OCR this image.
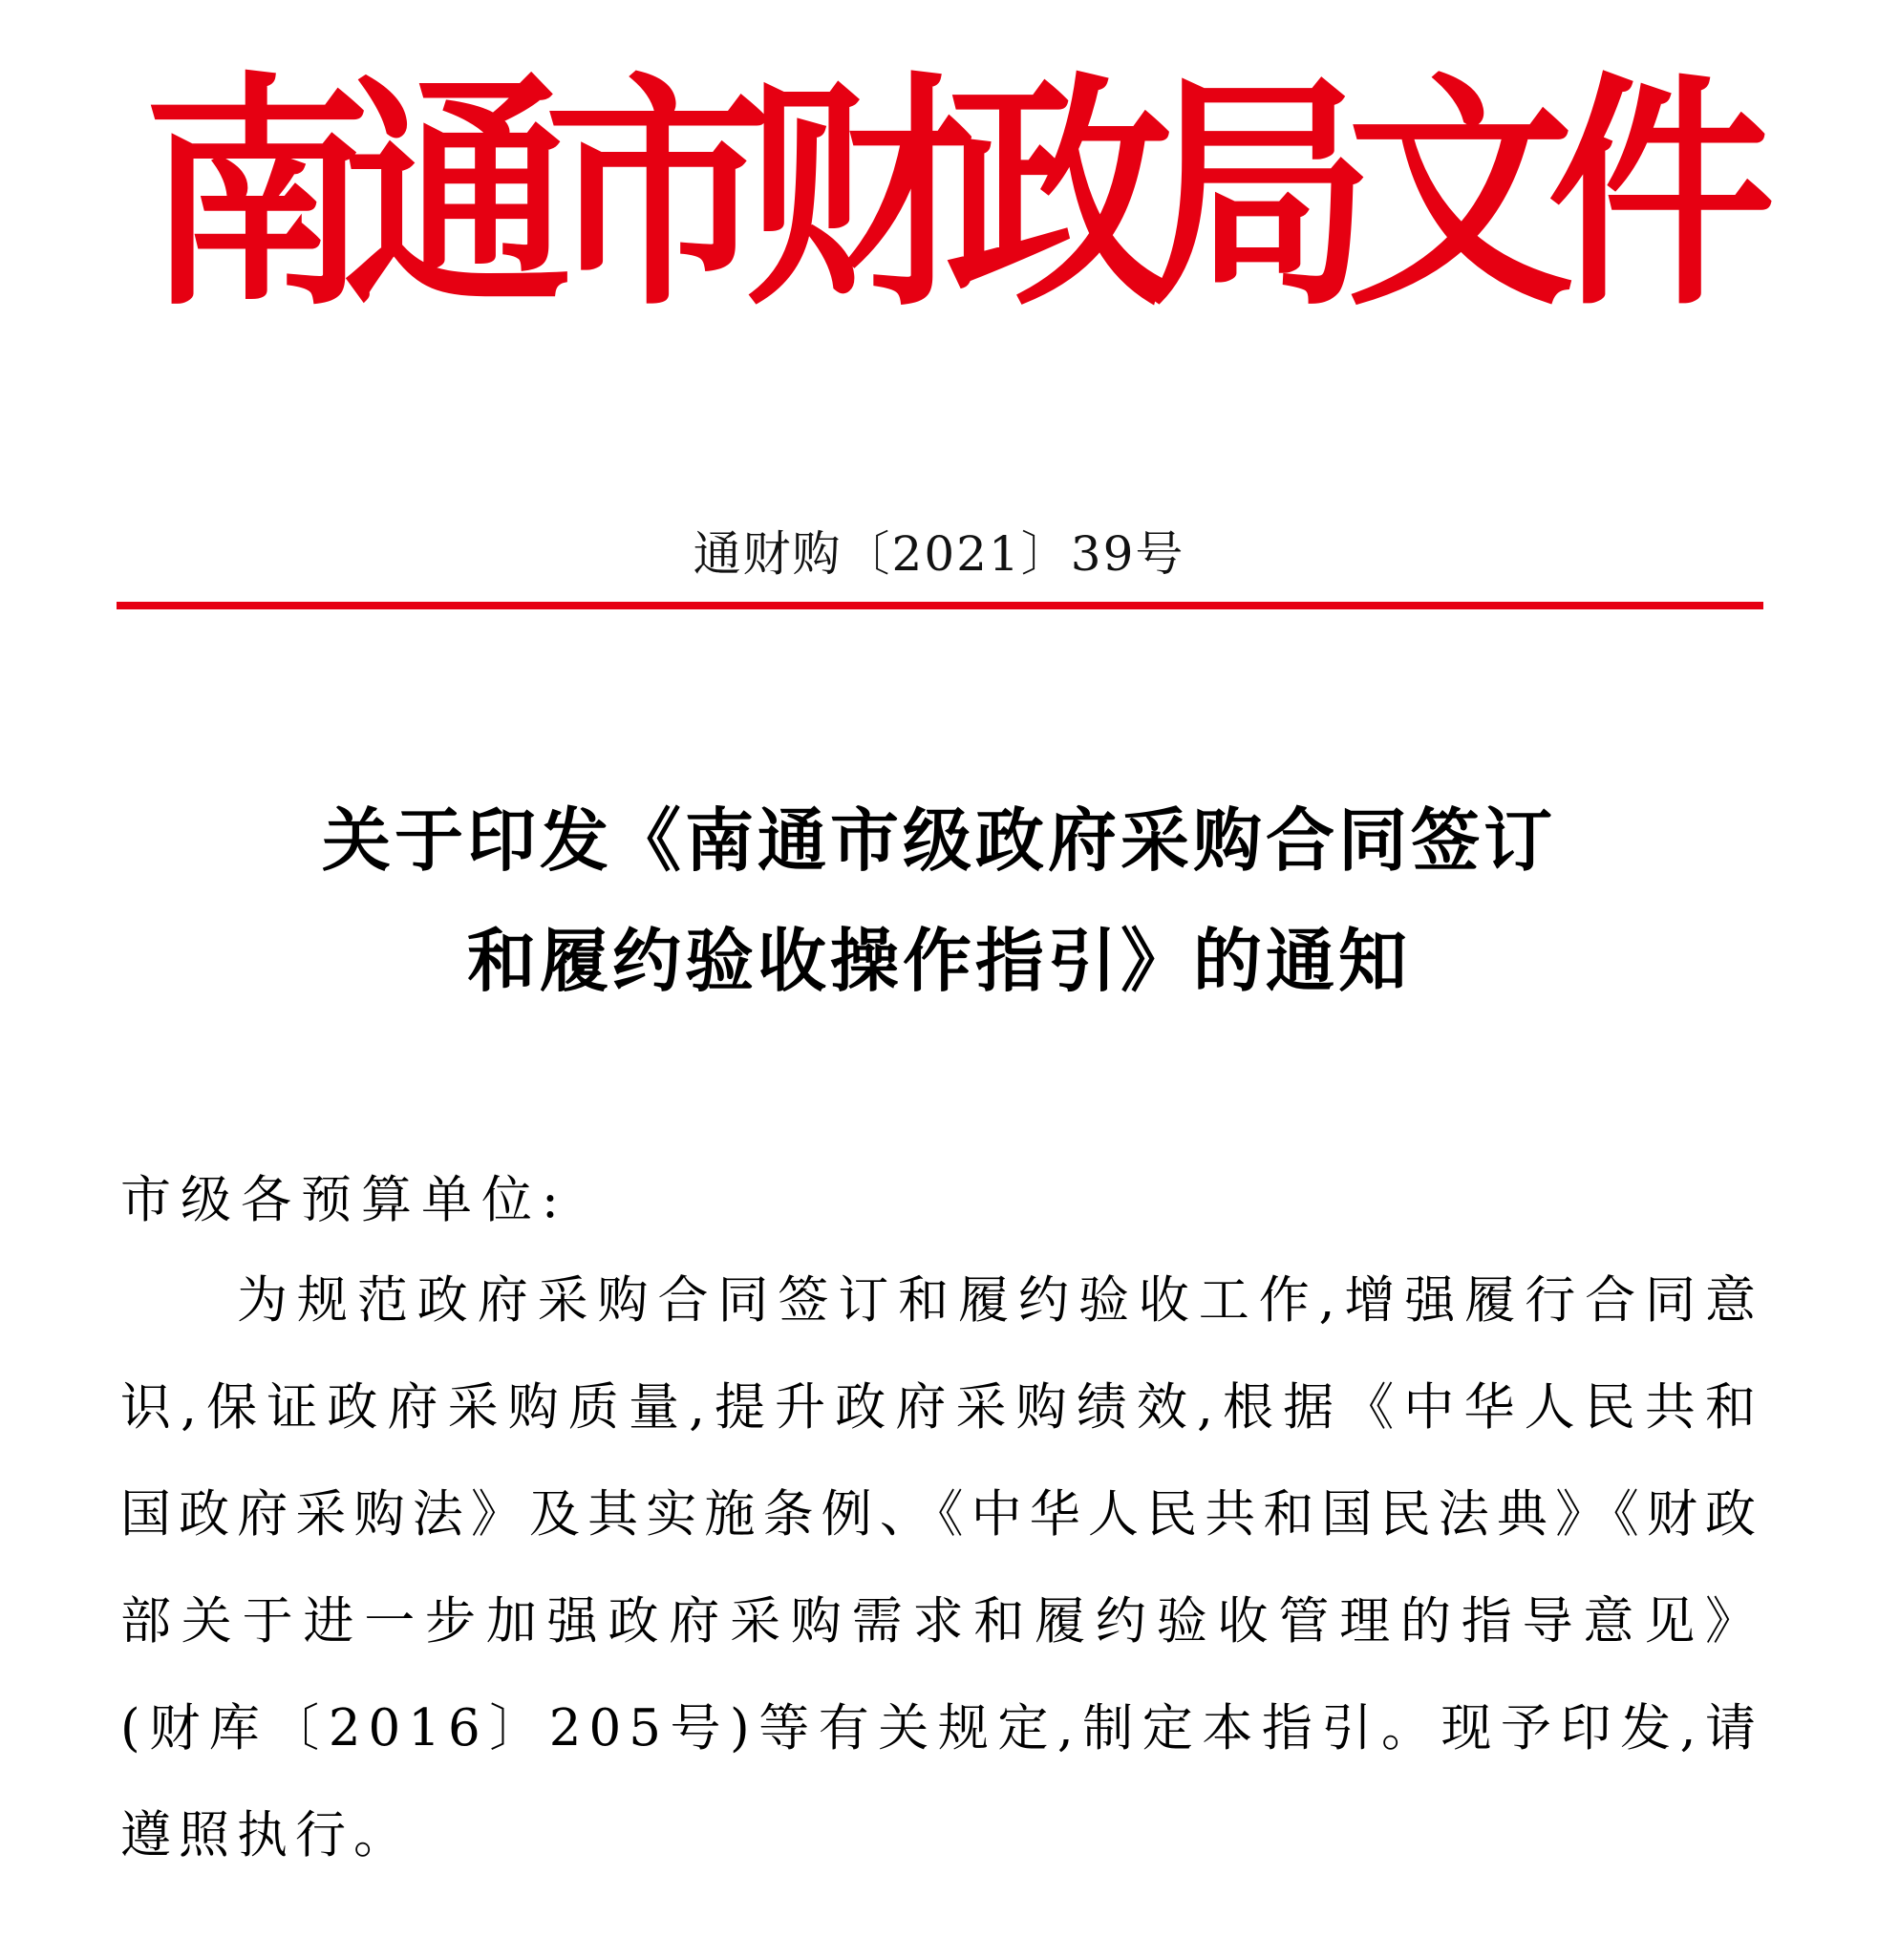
南
通
市
财
政
局
文
件
通财购〔2021〕39号
关于印发《南通市级政府采购合同签订
和履约验收操作指引》的通知
市级各预算单位:

为规范政府采购合同签订和履约验收工作,增强履行合同意识,保证政府采购质量,提升政府采购绩效,根据《中华人民共和国政府采购法》及其实施条例、《中华人民共和国民法典》《财政部关于进一步加强政府采购需求和履约验收管理的指导意见》(财库〔2016〕205号)等有关规定,制定本指引。现予印发,请遵照执行。
